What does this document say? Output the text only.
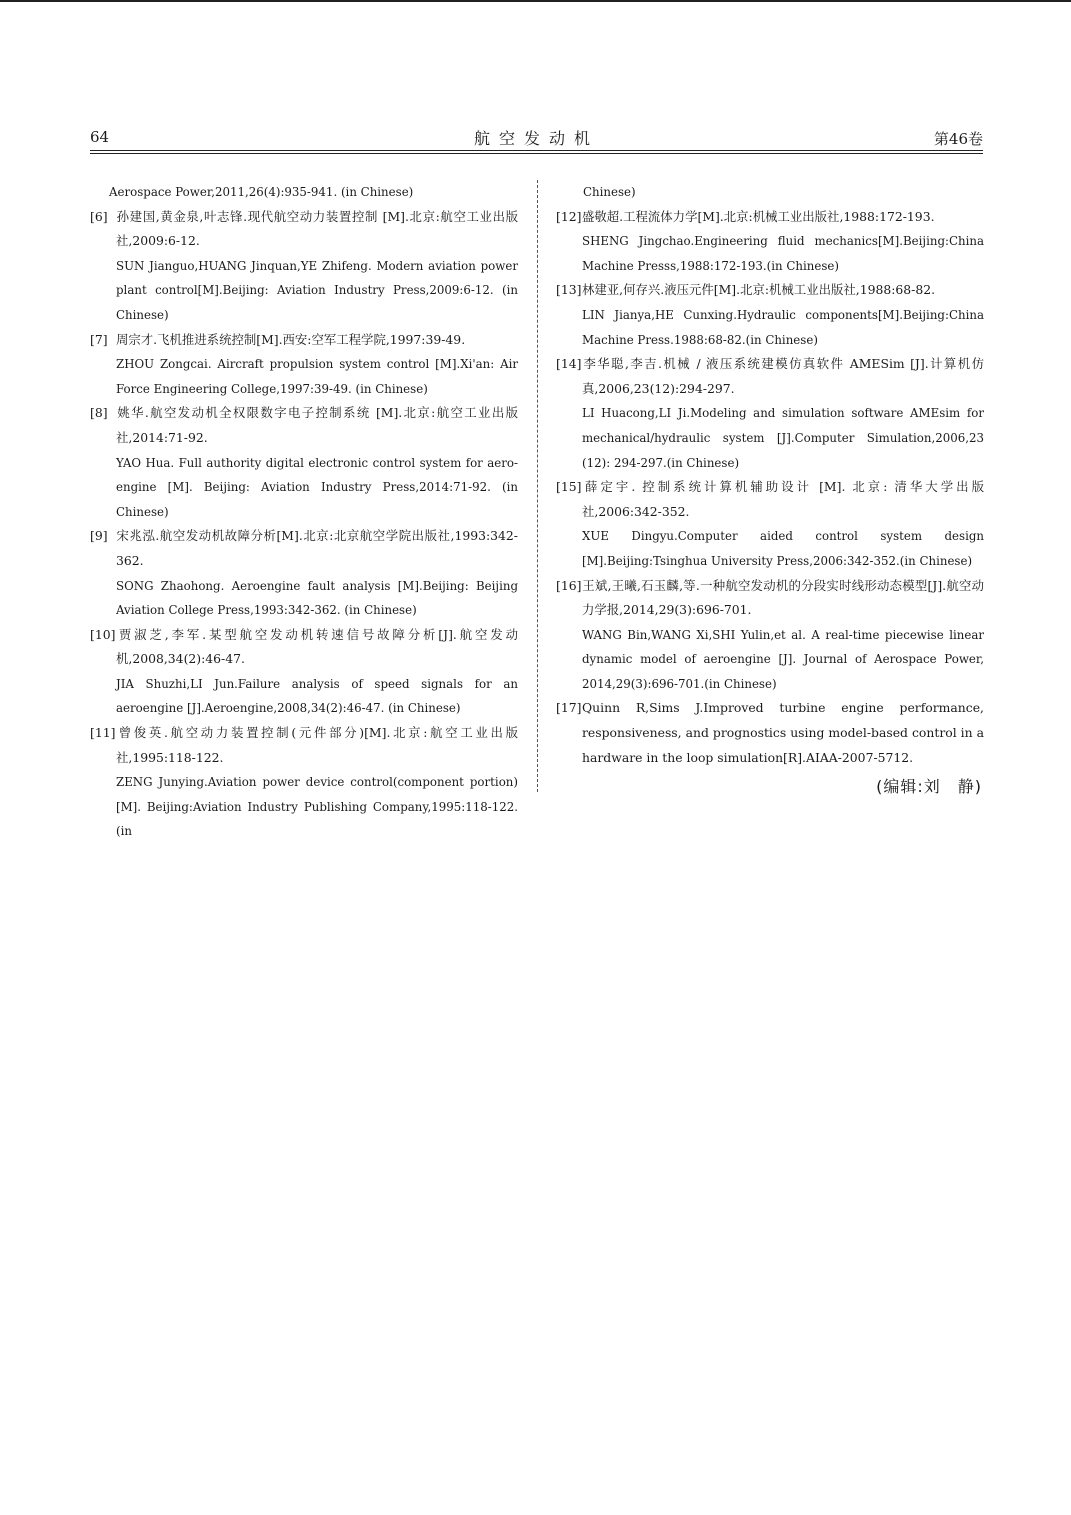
64	航空发动机	第46卷
Aerospace Power,2011,26(4):935-941. (in Chinese)
[6] 孙建国,黄金泉,叶志锋.现代航空动力装置控制 [M].北京:航空工业出版社,2009:6-12.
SUN Jianguo,HUANG Jinquan,YE Zhifeng. Modern aviation power plant control[M].Beijing: Aviation Industry Press,2009:6-12. (in Chinese)
[7] 周宗才.飞机推进系统控制[M].西安:空军工程学院,1997:39-49.
ZHOU Zongcai. Aircraft propulsion system control [M].Xi'an: Air Force Engineering College,1997:39-49. (in Chinese)
[8] 姚华.航空发动机全权限数字电子控制系统 [M].北京:航空工业出版社,2014:71-92.
YAO Hua. Full authority digital electronic control system for aero-engine [M]. Beijing: Aviation Industry Press,2014:71-92. (in Chinese)
[9] 宋兆泓.航空发动机故障分析[M].北京:北京航空学院出版社,1993:342-362.
SONG Zhaohong. Aeroengine fault analysis [M].Beijing: Beijing Aviation College Press,1993:342-362. (in Chinese)
[10]贾淑芝,李军.某型航空发动机转速信号故障分析[J].航空发动机,2008,34(2):46-47.
JIA Shuzhi,LI Jun.Failure analysis of speed signals for an aeroengine [J].Aeroengine,2008,34(2):46-47. (in Chinese)
[11]曾俊英.航空动力装置控制(元件部分)[M].北京:航空工业出版社,1995:118-122.
ZENG Junying.Aviation power device control(component portion)[M]. Beijing:Aviation Industry Publishing Company,1995:118-122. (in
Chinese)
[12]盛敬超.工程流体力学[M].北京:机械工业出版社,1988:172-193.
SHENG Jingchao.Engineering fluid mechanics[M].Beijing:China Machine Presss,1988:172-193.(in Chinese)
[13]林建亚,何存兴.液压元件[M].北京:机械工业出版社,1988:68-82.
LIN Jianya,HE Cunxing.Hydraulic components[M].Beijing:China Machine Press.1988:68-82.(in Chinese)
[14]李华聪,李吉.机械 / 液压系统建模仿真软件 AMESim [J].计算机仿真,2006,23(12):294-297.
LI Huacong,LI Ji.Modeling and simulation software AMEsim for mechanical/hydraulic system [J].Computer Simulation,2006,23 (12): 294-297.(in Chinese)
[15]薛定宇. 控制系统计算机辅助设计 [M]. 北京: 清华大学出版社,2006:342-352.
XUE Dingyu.Computer aided control system design [M].Beijing:Tsinghua University Press,2006:342-352.(in Chinese)
[16]王斌,王曦,石玉麟,等.一种航空发动机的分段实时线形动态模型[J].航空动力学报,2014,29(3):696-701.
WANG Bin,WANG Xi,SHI Yulin,et al. A real-time piecewise linear dynamic model of aeroengine [J]. Journal of Aerospace Power, 2014,29(3):696-701.(in Chinese)
[17]Quinn R,Sims J.Improved turbine engine performance, responsiveness, and prognostics using model-based control in a hardware in the loop simulation[R].AIAA-2007-5712.
(编辑:刘　静)
